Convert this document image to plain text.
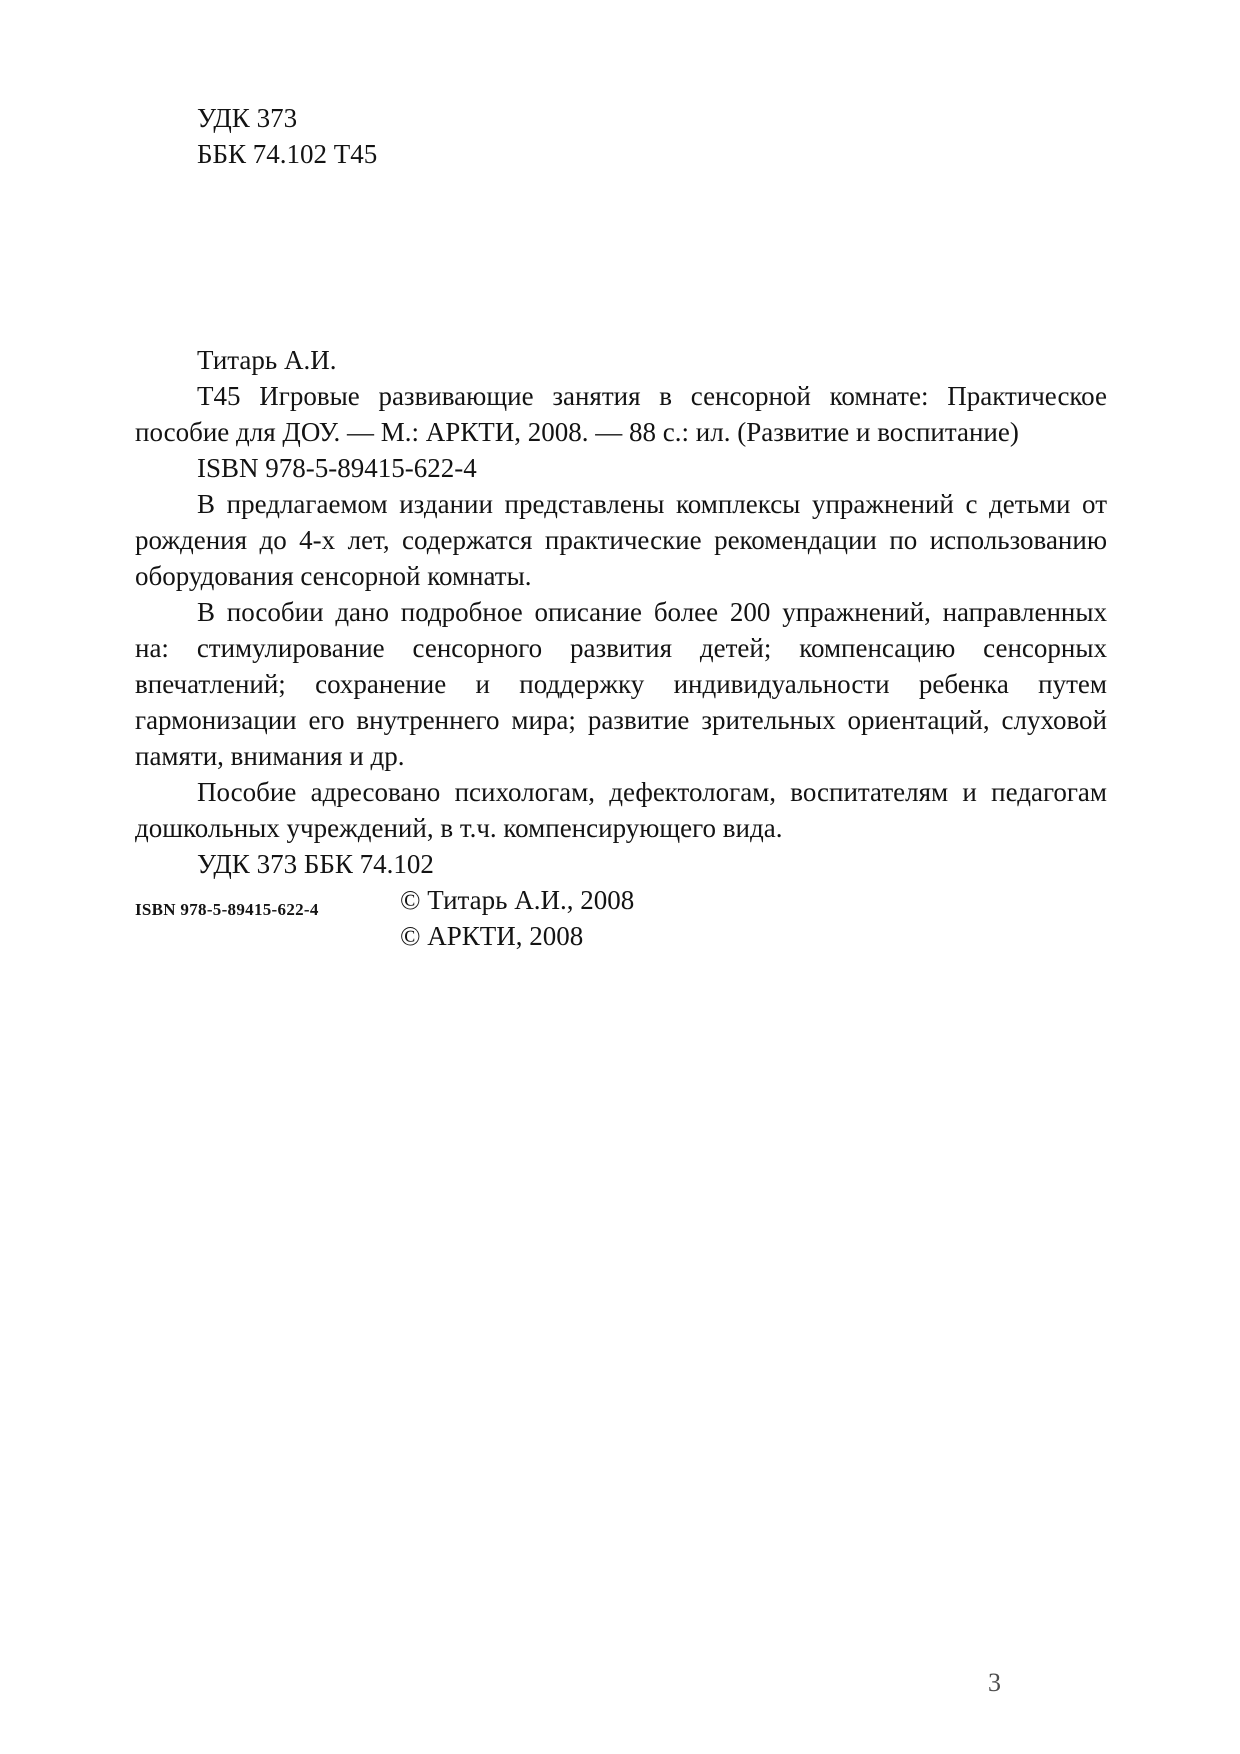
УДК 373
ББК 74.102 Т45
Титарь А.И.
Т45 Игровые развивающие занятия в сенсорной комнате: Практическое пособие для ДОУ. — М.: АРКТИ, 2008. — 88 с.: ил. (Развитие и воспитание)
ISBN 978-5-89415-622-4
В предлагаемом издании представлены комплексы упражнений с детьми от рождения до 4-х лет, содержатся практические рекомендации по использованию оборудования сенсорной комнаты.
В пособии дано подробное описание более 200 упражнений, направленных на: стимулирование сенсорного развития детей; компенсацию сенсорных впечатлений; сохранение и поддержку индивидуальности ребенка путем гармонизации его внутреннего мира; развитие зрительных ориентаций, слуховой памяти, внимания и др.
Пособие адресовано психологам, дефектологам, воспитателям и педагогам дошкольных учреждений, в т.ч. компенсирующего вида.
УДК 373 ББК 74.102
ISBN 978-5-89415-622-4	© Титарь А.И., 2008
© АРКТИ, 2008
3
